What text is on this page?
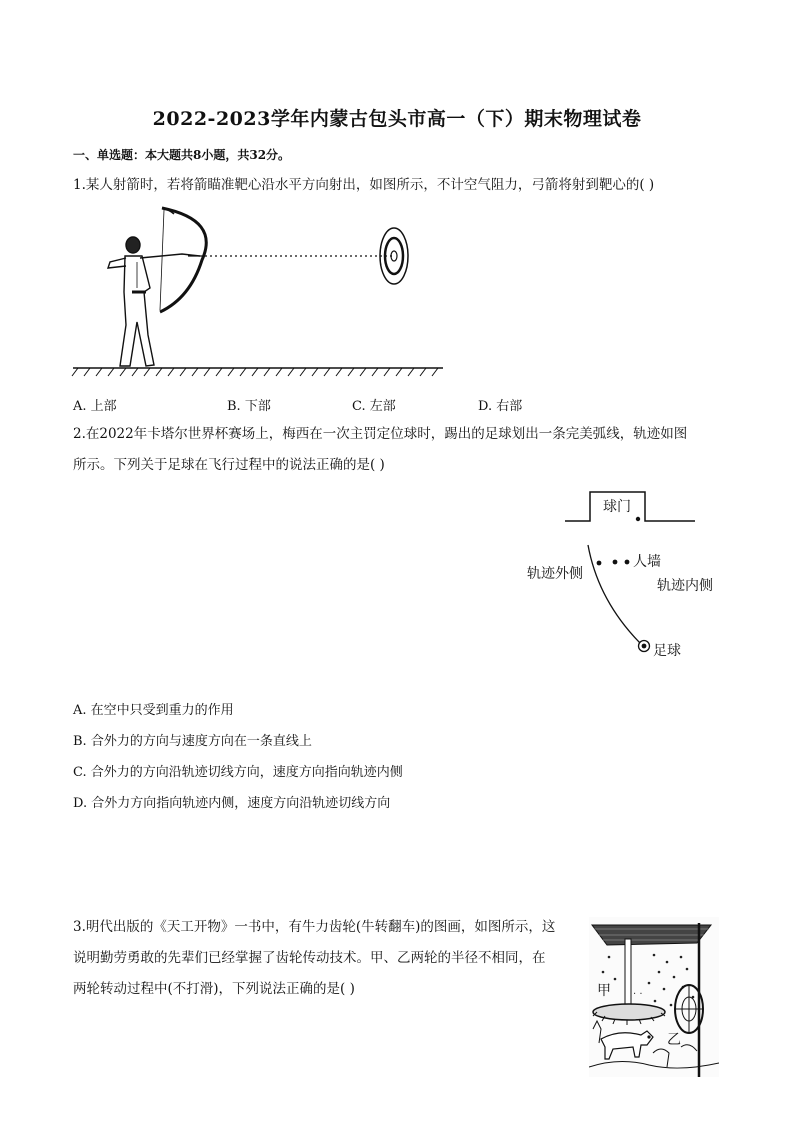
2022-2023学年内蒙古包头市高一（下）期末物理试卷
一、单选题：本大题共8小题，共32分。
1.某人射箭时，若将箭瞄准靶心沿水平方向射出，如图所示，不计空气阻力，弓箭将射到靶心的( )
A. 上部	B. 下部	C. 左部	D. 右部
2.在2022年卡塔尔世界杯赛场上，梅西在一次主罚定位球时，踢出的足球划出一条完美弧线，轨迹如图
所示。下列关于足球在飞行过程中的说法正确的是( )
球门
人墙
轨迹外侧
轨迹内侧
足球
A. 在空中只受到重力的作用
B. 合外力的方向与速度方向在一条直线上
C. 合外力的方向沿轨迹切线方向，速度方向指向轨迹内侧
D. 合外力方向指向轨迹内侧，速度方向沿轨迹切线方向
3.明代出版的《天工开物》一书中，有牛力齿轮(牛转翻车)的图画，如图所示，这
说明勤劳勇敢的先辈们已经掌握了齿轮传动技术。甲、乙两轮的半径不相同，在
两轮转动过程中(不打滑)，下列说法正确的是( )	甲
乙
· ·
